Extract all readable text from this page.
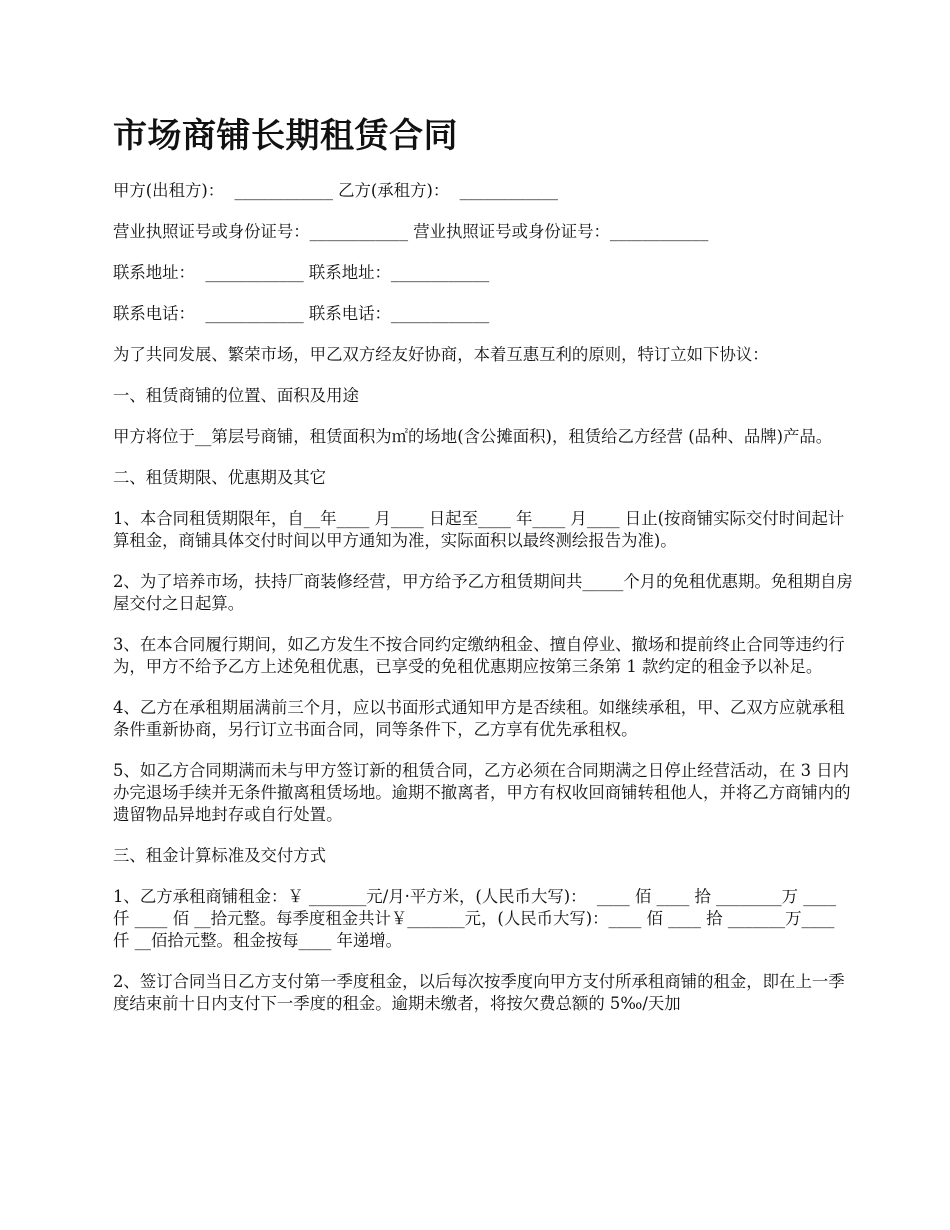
市场商铺长期租赁合同

甲方(出租方)：  ____________ 乙方(承租方)：  ____________

营业执照证号或身份证号：____________ 营业执照证号或身份证号：____________

联系地址：  ____________ 联系地址：____________

联系电话：  ____________ 联系电话：____________

为了共同发展、繁荣市场，甲乙双方经友好协商，本着互惠互利的原则，特订立如下协议：

一、租赁商铺的位置、面积及用途

甲方将位于__第层号商铺，租赁面积为㎡的场地(含公摊面积)，租赁给乙方经营 (品种、品牌)产品。

二、租赁期限、优惠期及其它

1、本合同租赁期限年，自__年____ 月____ 日起至____ 年____ 月____ 日止(按商铺实际交付时间起计算租金，商铺具体交付时间以甲方通知为准，实际面积以最终测绘报告为准)。

2、为了培养市场，扶持厂商装修经营，甲方给予乙方租赁期间共_____个月的免租优惠期。免租期自房屋交付之日起算。

3、在本合同履行期间，如乙方发生不按合同约定缴纳租金、擅自停业、撤场和提前终止合同等违约行为，甲方不给予乙方上述免租优惠，已享受的免租优惠期应按第三条第 1 款约定的租金予以补足。

4、乙方在承租期届满前三个月，应以书面形式通知甲方是否续租。如继续承租，甲、乙双方应就承租条件重新协商，另行订立书面合同，同等条件下，乙方享有优先承租权。

5、如乙方合同期满而未与甲方签订新的租赁合同，乙方必须在合同期满之日停止经营活动，在 3 日内办完退场手续并无条件撤离租赁场地。逾期不撤离者，甲方有权收回商铺转租他人，并将乙方商铺内的遗留物品异地封存或自行处置。

三、租金计算标准及交付方式

1、乙方承租商铺租金：￥ _______元/月·平方米，(人民币大写)：  ____ 佰 ____ 拾 ________万 ____ 仟 ____ 佰 __拾元整。每季度租金共计￥_______元，(人民币大写)：____ 佰 ____ 拾 _______万____ 仟 __佰拾元整。租金按每____ 年递增。

2、签订合同当日乙方支付第一季度租金，以后每次按季度向甲方支付所承租商铺的租金，即在上一季度结束前十日内支付下一季度的租金。逾期未缴者，将按欠费总额的 5‰/天加
